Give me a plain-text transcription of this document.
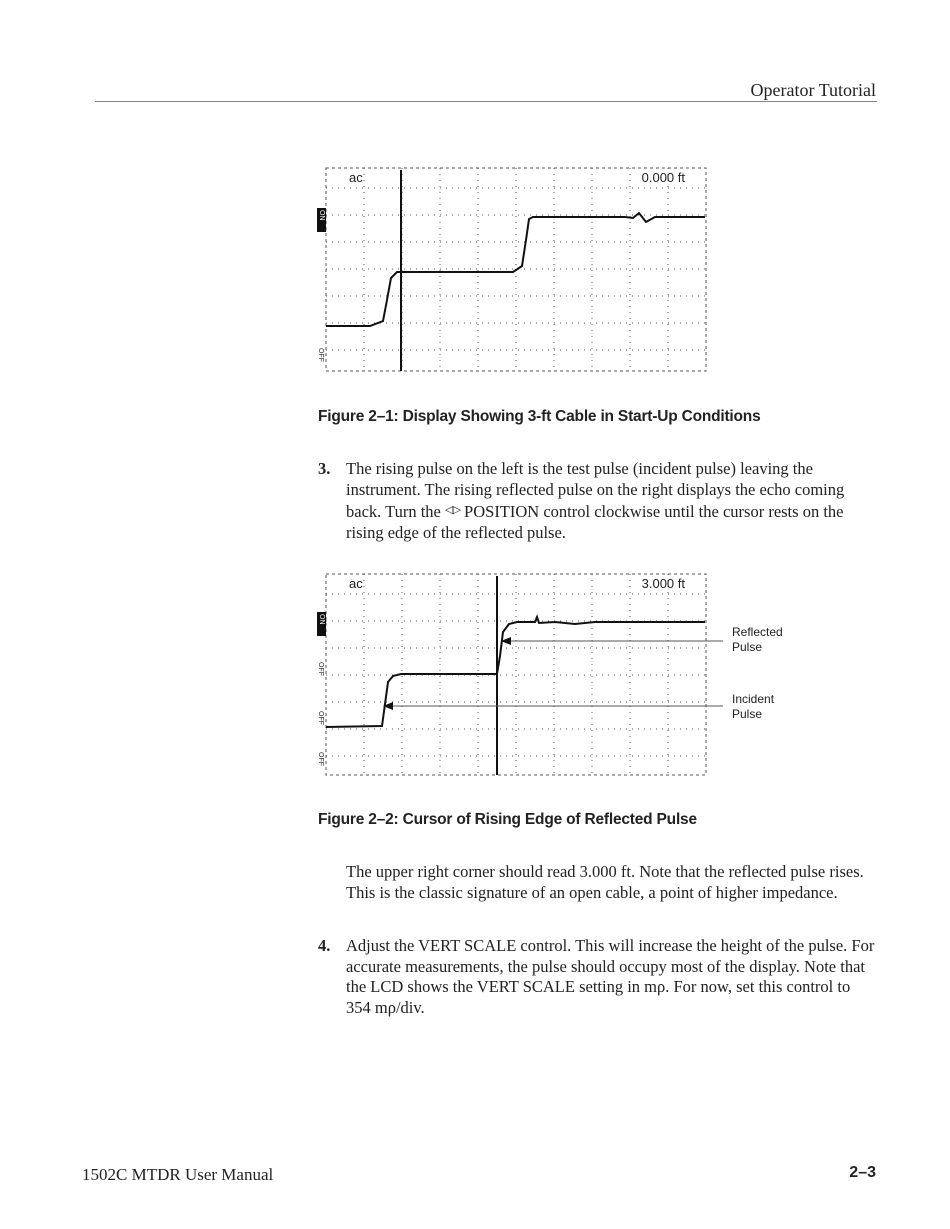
Operator Tutorial
ac	0.000 ft
ON
OFF
Figure 2–1: Display Showing 3-ft Cable in Start-Up Conditions
3. The rising pulse on the left is the test pulse (incident pulse) leaving the instrument. The rising reflected pulse on the right displays the echo coming back. Turn the ◁▷ POSITION control clockwise until the cursor rests on the rising edge of the reflected pulse.
ac	3.000 ft
ON
OFF
OFF
OFF
Reflected
Pulse
Incident
Pulse
Figure 2–2: Cursor of Rising Edge of Reflected Pulse
The upper right corner should read 3.000 ft. Note that the reflected pulse rises. This is the classic signature of an open cable, a point of higher impedance.
4. Adjust the VERT SCALE control. This will increase the height of the pulse. For accurate measurements, the pulse should occupy most of the display. Note that the LCD shows the VERT SCALE setting in mρ. For now, set this control to 354 mρ/div.
1502C MTDR User Manual	2–3
